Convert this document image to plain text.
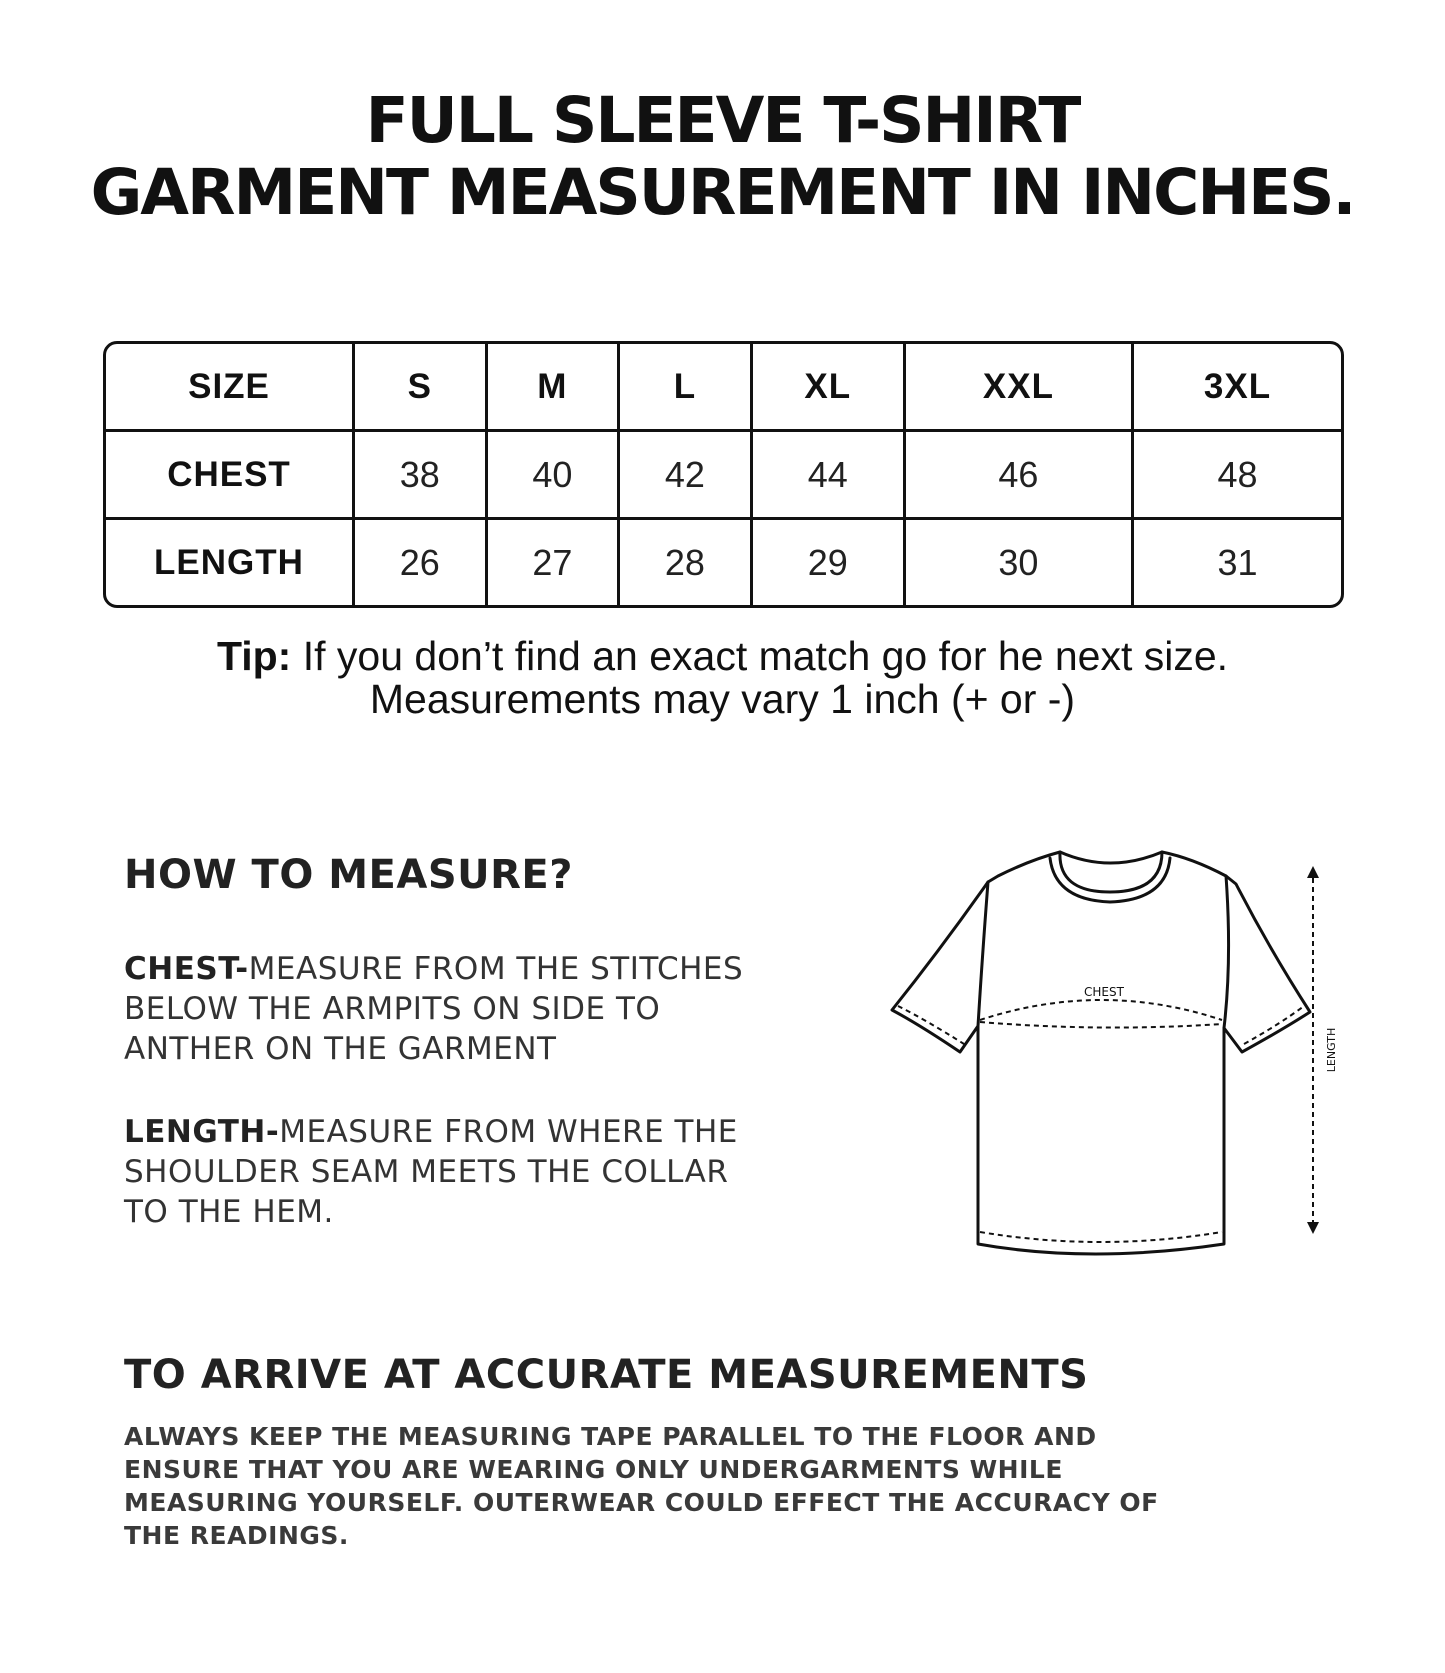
FULL SLEEVE T-SHIRT
GARMENT MEASUREMENT IN INCHES.
SIZE	S	M	L	XL	XXL	3XL
CHEST	38	40	42	44	46	48
LENGTH	26	27	28	29	30	31
Tip: If you don’t find an exact match go for he next size.
Measurements may vary 1 inch (+ or -)
HOW TO MEASURE?

CHEST-MEASURE FROM THE STITCHES
BELOW THE ARMPITS ON SIDE TO
ANTHER ON THE GARMENT

LENGTH-MEASURE FROM WHERE THE
SHOULDER SEAM MEETS THE COLLAR
TO THE HEM.

CHEST
LENGTH
TO ARRIVE AT ACCURATE MEASUREMENTS

ALWAYS KEEP THE MEASURING TAPE PARALLEL TO THE FLOOR AND
ENSURE THAT YOU ARE WEARING ONLY UNDERGARMENTS WHILE
MEASURING YOURSELF. OUTERWEAR COULD EFFECT THE ACCURACY OF
THE READINGS.
